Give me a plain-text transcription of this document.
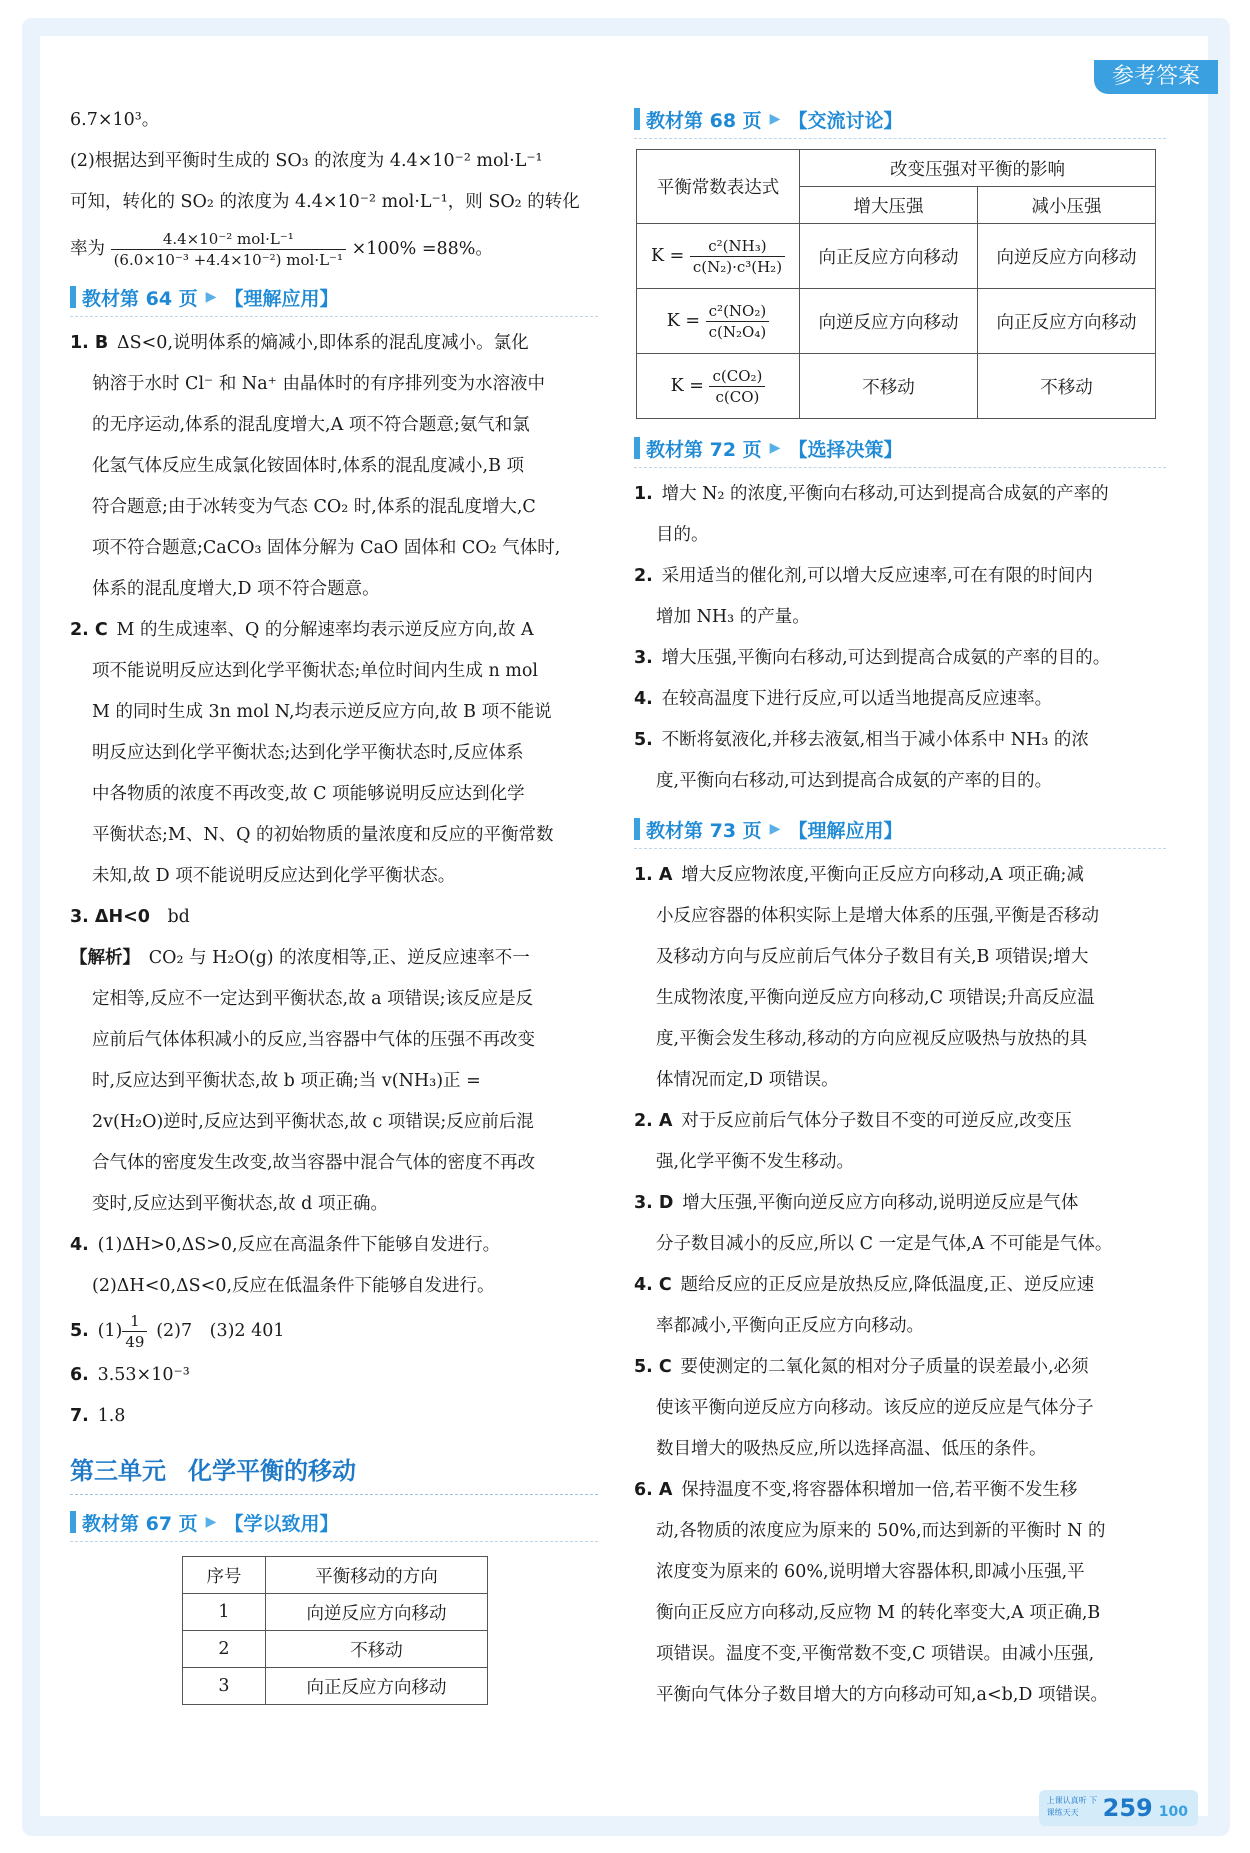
参考答案

6.7×10³。

(2)根据达到平衡时生成的 SO₃ 的浓度为 4.4×10⁻² mol·L⁻¹

可知，转化的 SO₂ 的浓度为 4.4×10⁻² mol·L⁻¹，则 SO₂ 的转化

率为 $\frac{\text{4.4×10⁻² mol·L⁻¹}}{\text{(6.0×10⁻³ +4.4×10⁻²) mol·L⁻¹}} \times 100\% =88\%$。

教材第 64 页 ▶ 【理解应用】

1. B  ΔS<0,说明体系的熵减小,即体系的混乱度减小。氯化

钠溶于水时 Cl⁻ 和 Na⁺ 由晶体时的有序排列变为水溶液中

的无序运动,体系的混乱度增大,A 项不符合题意;氨气和氯

化氢气体反应生成氯化铵固体时,体系的混乱度减小,B 项

符合题意;由于冰转变为气态 CO₂ 时,体系的混乱度增大,C

项不符合题意;CaCO₃ 固体分解为 CaO 固体和 CO₂ 气体时,

体系的混乱度增大,D 项不符合题意。

2. C  M 的生成速率、Q 的分解速率均表示逆反应方向,故 A

项不能说明反应达到化学平衡状态;单位时间内生成 n mol

M 的同时生成 3n mol N,均表示逆反应方向,故 B 项不能说

明反应达到化学平衡状态;达到化学平衡状态时,反应体系

中各物质的浓度不再改变,故 C 项能够说明反应达到化学

平衡状态;M、N、Q 的初始物质的量浓度和反应的平衡常数

未知,故 D 项不能说明反应达到化学平衡状态。

3. ΔH<0  bd

【解析】  CO₂ 与 H₂O(g) 的浓度相等,正、逆反应速率不一

定相等,反应不一定达到平衡状态,故 a 项错误;该反应是反

应前后气体体积减小的反应,当容器中气体的压强不再改变

时,反应达到平衡状态,故 b 项正确;当 v(NH₃)正 =

2v(H₂O)逆时,反应达到平衡状态,故 c 项错误;反应前后混

合气体的密度发生改变,故当容器中混合气体的密度不再改

变时,反应达到平衡状态,故 d 项正确。

4.  (1)ΔH>0,ΔS>0,反应在高温条件下能够自发进行。

(2)ΔH<0,ΔS<0,反应在低温条件下能够自发进行。

5.  $(1) \frac{1}{49}$
  (2)7　(3)2 401

6.  3.53×10⁻³

7.  1.8

第三单元 化学平衡的移动
教材第 67 页 ▶ 【学以致用】
序号	平衡移动的方向
1	向逆反应方向移动
2	不移动
3	向正反应方向移动
教材第 68 页 ▶ 【交流讨论】
平衡常数表达式	改变压强对平衡的影响	
	增大压强	减小压强
$K = \frac{\text{c²(NH₃)}}{\text{c(N₂)·c³(H₂)}}$	向正反应方向移动	向逆反应方向移动
$K = \frac{\text{c²(NO₂)}}{\text{c(N₂O₄)}}$	向逆反应方向移动	向正反应方向移动
$K = \frac{\text{c(CO₂)}}{c(CO)}$	不移动	不移动
教材第 72 页 ▶ 【选择决策】

1.  增大 N₂ 的浓度,平衡向右移动,可达到提高合成氨的产率的

目的。

2.  采用适当的催化剂,可以增大反应速率,可在有限的时间内

增加 NH₃ 的产量。

3.  增大压强,平衡向右移动,可达到提高合成氨的产率的目的。

4.  在较高温度下进行反应,可以适当地提高反应速率。

5.  不断将氨液化,并移去液氨,相当于减小体系中 NH₃ 的浓

度,平衡向右移动,可达到提高合成氨的产率的目的。

教材第 73 页 ▶ 【理解应用】

1. A  增大反应物浓度,平衡向正反应方向移动,A 项正确;减

小反应容器的体积实际上是增大体系的压强,平衡是否移动

及移动方向与反应前后气体分子数目有关,B 项错误;增大

生成物浓度,平衡向逆反应方向移动,C 项错误;升高反应温

度,平衡会发生移动,移动的方向应视反应吸热与放热的具

体情况而定,D 项错误。

2. A  对于反应前后气体分子数目不变的可逆反应,改变压

强,化学平衡不发生移动。

3. D  增大压强,平衡向逆反应方向移动,说明逆反应是气体

分子数目减小的反应,所以 C 一定是气体,A 不可能是气体。

4. C  题给反应的正反应是放热反应,降低温度,正、逆反应速

率都减小,平衡向正反应方向移动。

5. C  要使测定的二氧化氮的相对分子质量的误差最小,必须

使该平衡向逆反应方向移动。该反应的逆反应是气体分子

数目增大的吸热反应,所以选择高温、低压的条件。

6. A  保持温度不变,将容器体积增加一倍,若平衡不发生移

动,各物质的浓度应为原来的 50%,而达到新的平衡时 N 的

浓度变为原来的 60%,说明增大容器体积,即减小压强,平

衡向正反应方向移动,反应物 M 的转化率变大,A 项正确,B

项错误。温度不变,平衡常数不变,C 项错误。由减小压强,

平衡向气体分子数目增大的方向移动可知,a<b,D 项错误。

上课认真听 下课练天天	259 100
